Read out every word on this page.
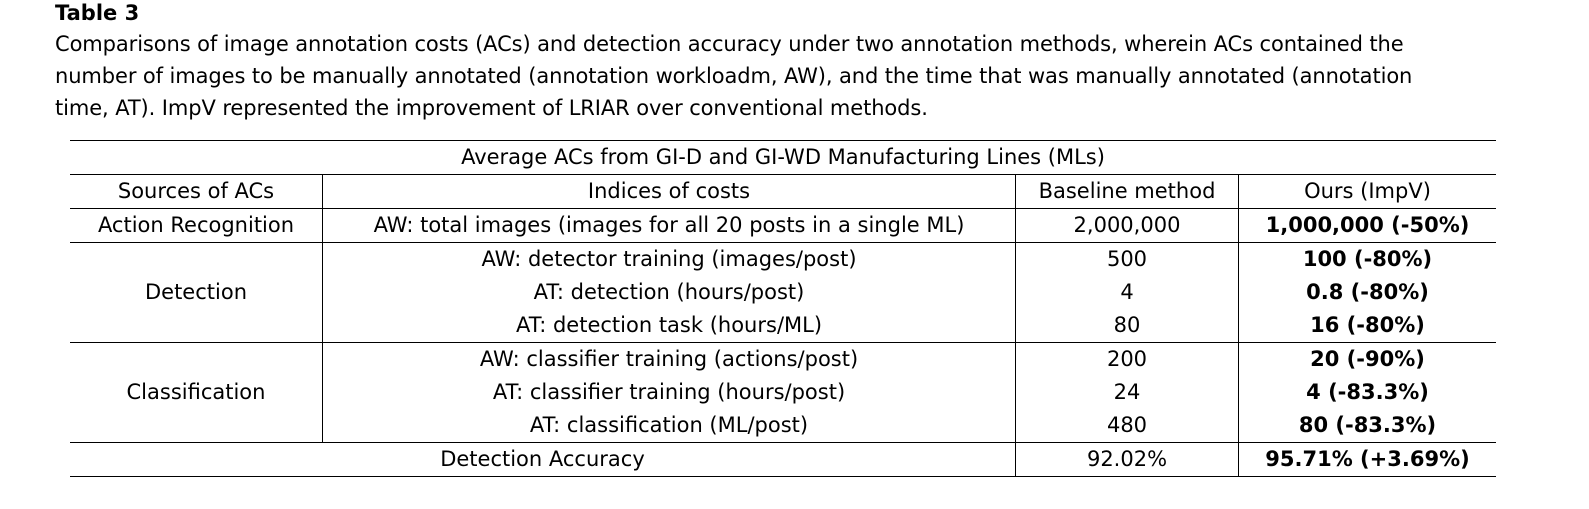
Table 3
Comparisons of image annotation costs (ACs) and detection accuracy under two annotation methods, wherein ACs contained the
number of images to be manually annotated (annotation workloadm, AW), and the time that was manually annotated (annotation
time, AT). ImpV represented the improvement of LRIAR over conventional methods.
Average ACs from GI-D and GI-WD Manufacturing Lines (MLs)			
Sources of ACs	Indices of costs	Baseline method	Ours (ImpV)
Action Recognition	AW: total images (images for all 20 posts in a single ML)	2,000,000	1,000,000 (-50%)
Detection	AW: detector training (images/post)	500	100 (-80%)
	AT: detection (hours/post)	4	0.8 (-80%)
	AT: detection task (hours/ML)	80	16 (-80%)
Classification	AW: classifier training (actions/post)	200	20 (-90%)
	AT: classifier training (hours/post)	24	4 (-83.3%)
	AT: classification (ML/post)	480	80 (-83.3%)
Detection Accuracy		92.02%	95.71% (+3.69%)
